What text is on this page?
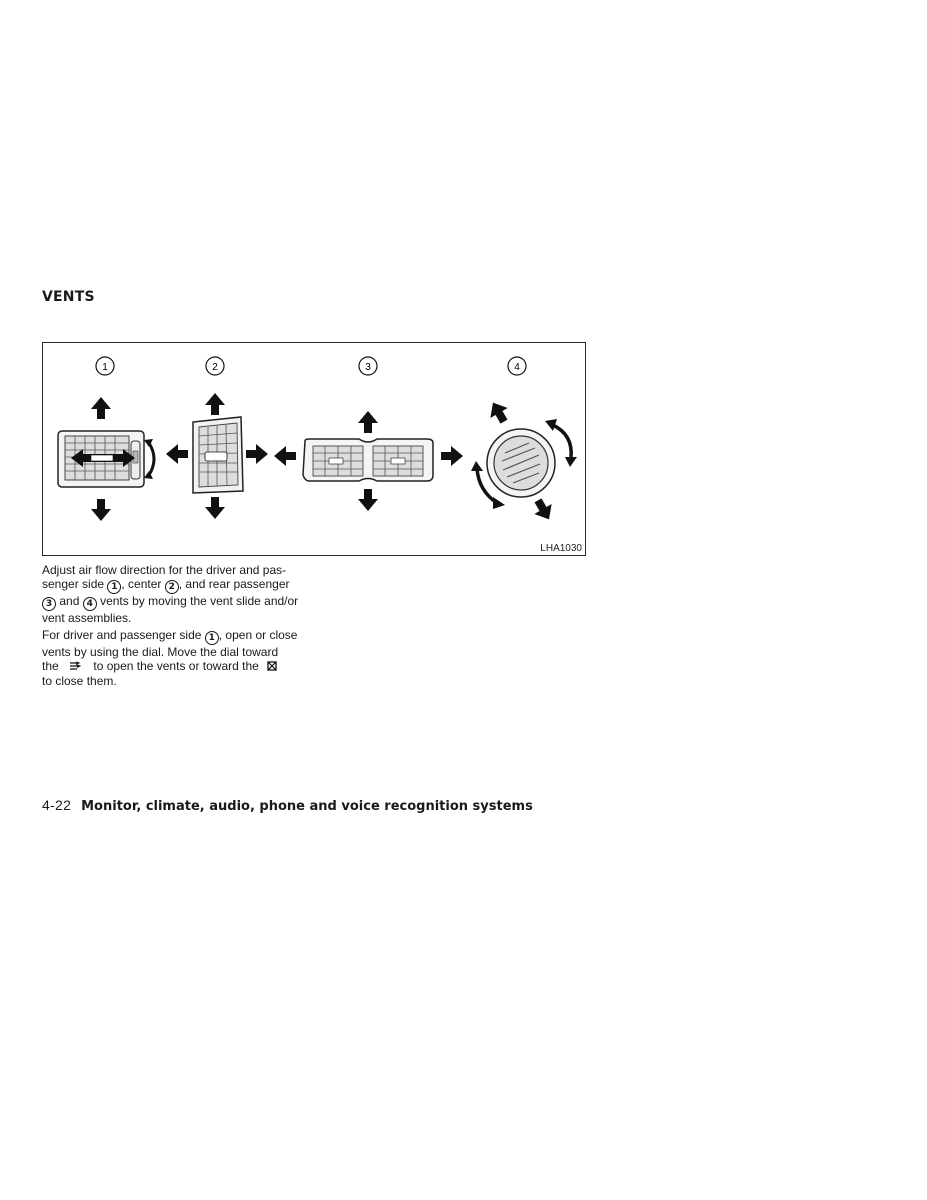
VENTS
1	2	3	4
LHA1030
Adjust air flow direction for the driver and pas-
senger side 1 , center 2 , and rear passenger
3 and 4 vents by moving the vent slide and/or
vent assemblies.
For driver and passenger side 1 , open or close
vents by using the dial. Move the dial toward
the	to open the vents or toward the
to close them.
4-22 Monitor, climate, audio, phone and voice recognition systems
